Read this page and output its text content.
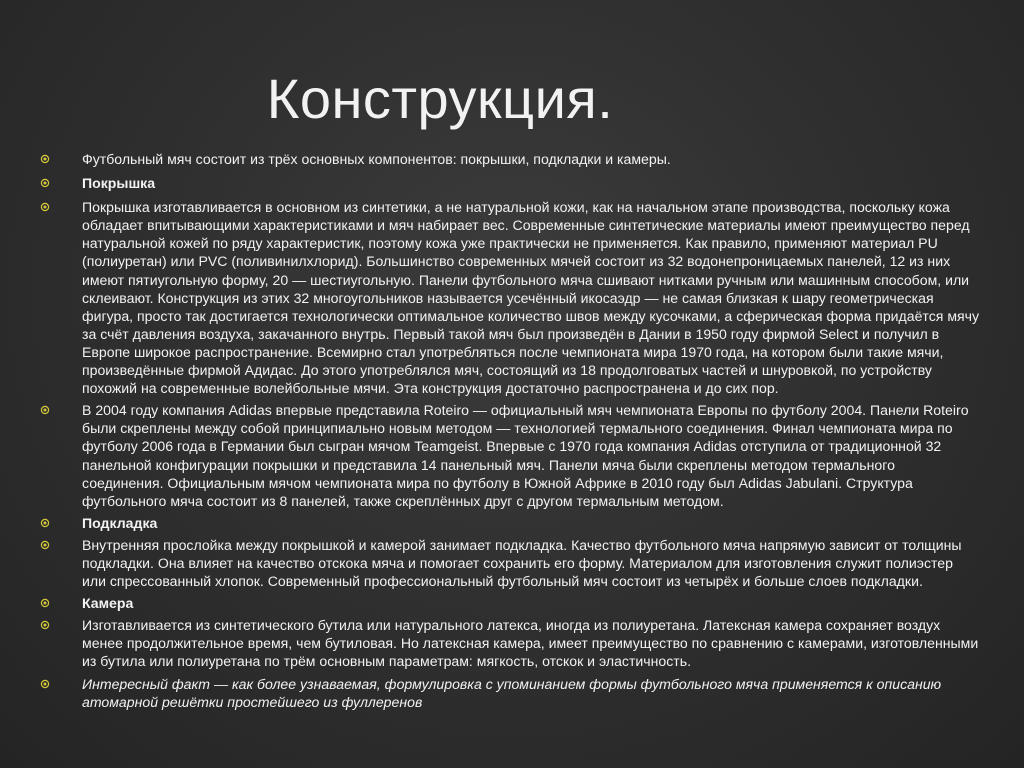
Конструкция.
Футбольный мяч состоит из трёх основных компонентов: покрышки, подкладки и камеры.
Покрышка
Покрышка изготавливается в основном из синтетики, а не натуральной кожи, как на начальном этапе производства, поскольку кожа обладает впитывающими характеристиками и мяч набирает вес. Современные синтетические материалы имеют преимущество перед натуральной кожей по ряду характеристик, поэтому кожа уже практически не применяется. Как правило, применяют материал PU (полиуретан) или PVC (поливинилхлорид). Большинство современных мячей состоит из 32 водонепроницаемых панелей, 12 из них имеют пятиугольную форму, 20 — шестиугольную. Панели футбольного мяча сшивают нитками ручным или машинным способом, или склеивают. Конструкция из этих 32 многоугольников называется усечённый икосаэдр — не самая близкая к шару геометрическая фигура, просто так достигается технологически оптимальное количество швов между кусочками, а сферическая форма придаётся мячу за счёт давления воздуха, закачанного внутрь. Первый такой мяч был произведён в Дании в 1950 году фирмой Select и получил в Европе широкое распространение. Всемирно стал употребляться после чемпионата мира 1970 года, на котором были такие мячи, произведённые фирмой Адидас. До этого употреблялся мяч, состоящий из 18 продолговатых частей и шнуровкой, по устройству похожий на современные волейбольные мячи. Эта конструкция достаточно распространена и до сих пор.
В 2004 году компания Adidas впервые представила Roteiro — официальный мяч чемпионата Европы по футболу 2004. Панели Roteiro были скреплены между собой принципиально новым методом — технологией термального соединения. Финал чемпионата мира по футболу 2006 года в Германии был сыгран мячом Teamgeist. Впервые с 1970 года компания Adidas отступила от традиционной 32 панельной конфигурации покрышки и представила 14 панельный мяч. Панели мяча были скреплены методом термального соединения. Официальным мячом чемпионата мира по футболу в Южной Африке в 2010 году был Adidas Jabulani. Структура футбольного мяча состоит из 8 панелей, также скреплённых друг с другом термальным методом.
Подкладка
Внутренняя прослойка между покрышкой и камерой занимает подкладка. Качество футбольного мяча напрямую зависит от толщины подкладки. Она влияет на качество отскока мяча и помогает сохранить его форму. Материалом для изготовления служит полиэстер или спрессованный хлопок. Современный профессиональный футбольный мяч состоит из четырёх и больше слоев подкладки.
Камера
Изготавливается из синтетического бутила или натурального латекса, иногда из полиуретана. Латексная камера сохраняет воздух менее продолжительное время, чем бутиловая. Но латексная камера, имеет преимущество по сравнению с камерами, изготовленными из бутила или полиуретана по трём основным параметрам: мягкость, отскок и эластичность.
Интересный факт — как более узнаваемая, формулировка с упоминанием формы футбольного мяча применяется к описанию атомарной решётки простейшего из фуллеренов
